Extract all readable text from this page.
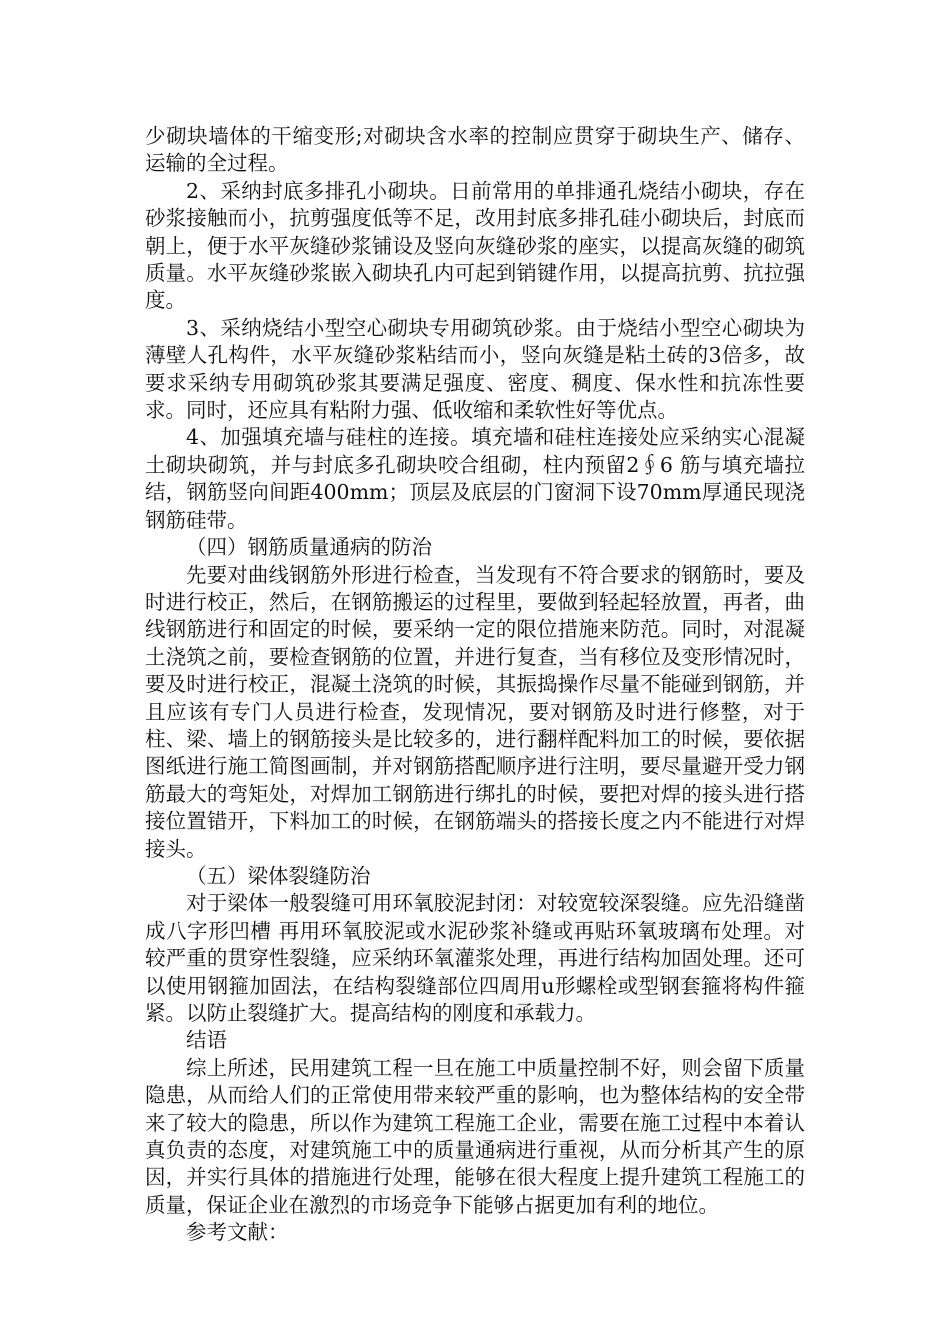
少砌块墙体的干缩变形;对砌块含水率的控制应贯穿于砌块生产、储存、运输的全过程。

2、采纳封底多排孔小砌块。日前常用的单排通孔烧结小砌块，存在砂浆接触而小，抗剪强度低等不足，改用封底多排孔硅小砌块后，封底而朝上，便于水平灰缝砂浆铺设及竖向灰缝砂浆的座实，以提高灰缝的砌筑质量。水平灰缝砂浆嵌入砌块孔内可起到销键作用，以提高抗剪、抗拉强度。

3、采纳烧结小型空心砌块专用砌筑砂浆。由于烧结小型空心砌块为薄壁人孔构件，水平灰缝砂浆粘结而小，竖向灰缝是粘土砖的3倍多，故要求采纳专用砌筑砂浆其要满足强度、密度、稠度、保水性和抗冻性要求。同时，还应具有粘附力强、低收缩和柔软性好等优点。

4、加强填充墙与硅柱的连接。填充墙和硅柱连接处应采纳实心混凝土砌块砌筑，并与封底多孔砌块咬合组砌，柱内预留2∮6 筋与填充墙拉结，钢筋竖向间距400mm；顶层及底层的门窗洞下设70mm厚通民现浇钢筋硅带。

（四）钢筋质量通病的防治

先要对曲线钢筋外形进行检查，当发现有不符合要求的钢筋时，要及时进行校正，然后，在钢筋搬运的过程里，要做到轻起轻放置，再者，曲线钢筋进行和固定的时候，要采纳一定的限位措施来防范。同时，对混凝土浇筑之前，要检查钢筋的位置，并进行复查，当有移位及变形情况时，要及时进行校正，混凝土浇筑的时候，其振捣操作尽量不能碰到钢筋，并且应该有专门人员进行检查，发现情况，要对钢筋及时进行修整，对于柱、梁、墙上的钢筋接头是比较多的，进行翻样配料加工的时候，要依据图纸进行施工简图画制，并对钢筋搭配顺序进行注明，要尽量避开受力钢筋最大的弯矩处，对焊加工钢筋进行绑扎的时候，要把对焊的接头进行搭接位置错开，下料加工的时候，在钢筋端头的搭接长度之内不能进行对焊接头。

（五）梁体裂缝防治

对于梁体一般裂缝可用环氧胶泥封闭：对较宽较深裂缝。应先沿缝凿成八字形凹槽 再用环氧胶泥或水泥砂浆补缝或再贴环氧玻璃布处理。对较严重的贯穿性裂缝，应采纳环氧灌浆处理，再进行结构加固处理。还可以使用钢箍加固法，在结构裂缝部位四周用u形螺栓或型钢套箍将构件箍紧。以防止裂缝扩大。提高结构的刚度和承载力。

结语

综上所述，民用建筑工程一旦在施工中质量控制不好，则会留下质量隐患，从而给人们的正常使用带来较严重的影响，也为整体结构的安全带来了较大的隐患，所以作为建筑工程施工企业，需要在施工过程中本着认真负责的态度，对建筑施工中的质量通病进行重视，从而分析其产生的原因，并实行具体的措施进行处理，能够在很大程度上提升建筑工程施工的质量，保证企业在激烈的市场竞争下能够占据更加有利的地位。

参考文献：
